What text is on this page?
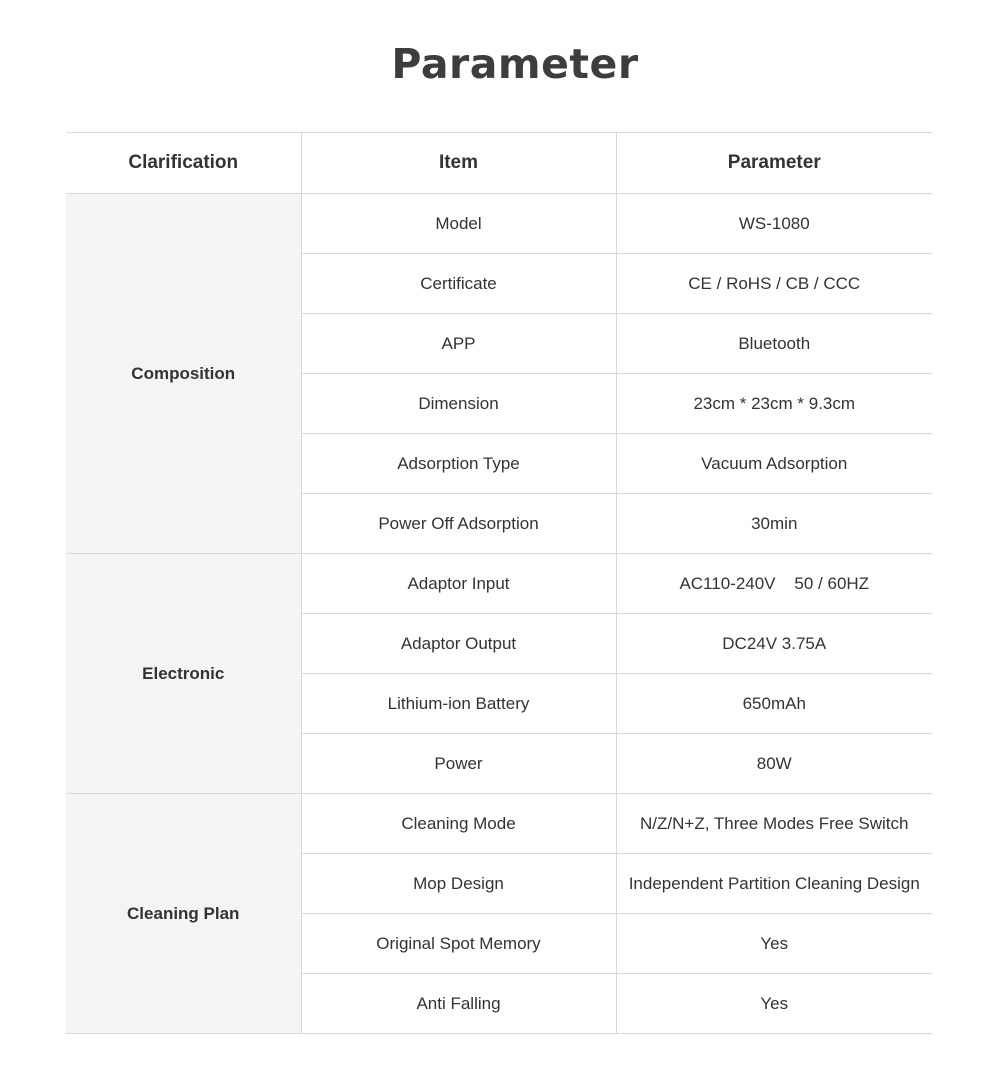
Parameter
Clarification	Item	Parameter
Composition	Model	WS-1080
	Certificate	CE / RoHS / CB / CCC
	APP	Bluetooth
	Dimension	23cm * 23cm * 9.3cm
	Adsorption Type	Vacuum Adsorption
	Power Off Adsorption	30min
Electronic	Adaptor Input	AC110-240V    50 / 60HZ
	Adaptor Output	DC24V 3.75A
	Lithium-ion Battery	650mAh
	Power	80W
Cleaning Plan	Cleaning Mode	N/Z/N+Z, Three Modes Free Switch
	Mop Design	Independent Partition Cleaning Design
	Original Spot Memory	Yes
	Anti Falling	Yes
